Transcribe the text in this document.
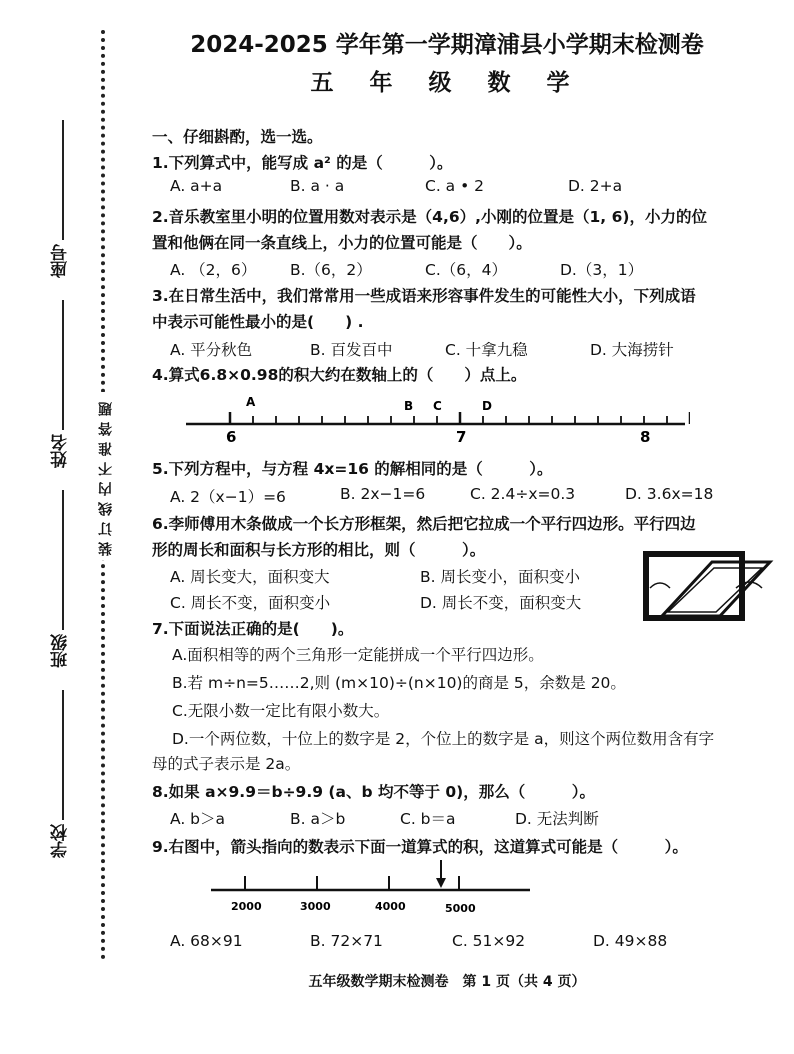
座号
姓名
班级
学校
装订线内不准答题
2024-2025 学年第一学期漳浦县小学期末检测卷
五 年 级 数 学
一、仔细斟酌，选一选。
1.下列算式中，能写成 a² 的是（　　　）。
A. a+a	B. a · a	C. a • 2	D. 2+a
2.音乐教室里小明的位置用数对表示是（4,6）,小刚的位置是（1, 6)，小力的位
置和他俩在同一条直线上，小力的位置可能是（　　）。
A. （2，6） B.（6，2）	C.（6，4）	D.（3，1）
3.在日常生活中，我们常常用一些成语来形容事件发生的可能性大小，下列成语
中表示可能性最小的是(　　) .
A. 平分秋色	B. 百发百中	C. 十拿九稳	D. 大海捞针
4.算式6.8×0.98的积大约在数轴上的（　　）点上。
6	7	8
A	B C	D
5.下列方程中，与方程 4x=16 的解相同的是（　　　）。
A. 2（x−1）=6	B. 2x−1=6	C. 2.4÷x=0.3	D. 3.6x=18
6.李师傅用木条做成一个长方形框架，然后把它拉成一个平行四边形。平行四边
形的周长和面积与长方形的相比，则（　　　）。
A. 周长变大，面积变大	B. 周长变小，面积变小
C. 周长不变，面积变小	D. 周长不变，面积变大
7.下面说法正确的是(　　)。
A.面积相等的两个三角形一定能拼成一个平行四边形。
B.若 m÷n=5……2,则 (m×10)÷(n×10)的商是 5，余数是 20。
C.无限小数一定比有限小数大。
D.一个两位数，十位上的数字是 2，个位上的数字是 a，则这个两位数用含有字
母的式子表示是 2a。
8.如果 a×9.9＝b÷9.9 (a、b 均不等于 0)，那么（　　　）。
A. b＞a	B. a＞b	C. b＝a	D. 无法判断
9.右图中，箭头指向的数表示下面一道算式的积，这道算式可能是（　　　）。
2000	3000	4000	5000
A. 68×91	B. 72×71	C. 51×92	D. 49×88
五年级数学期末检测卷　第 1 页（共 4 页）
